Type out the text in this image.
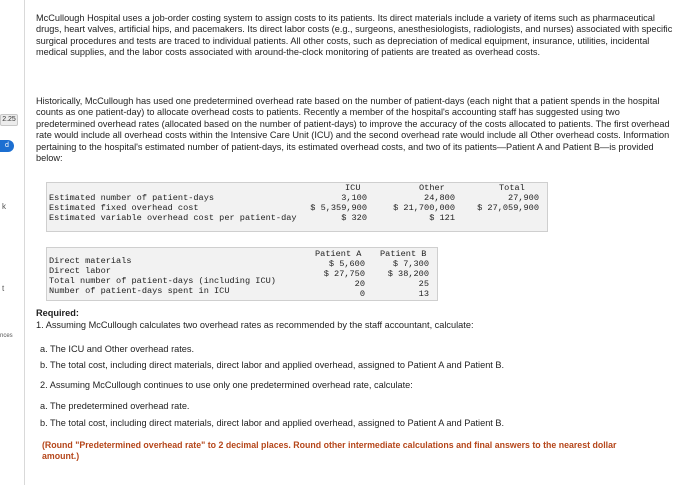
2.25
d
k
t
nces

McCullough Hospital uses a job-order costing system to assign costs to its patients. Its direct materials include a variety of items such as pharmaceutical drugs, heart valves, artificial hips, and pacemakers. Its direct labor costs (e.g., surgeons, anesthesiologists, radiologists, and nurses) associated with specific surgical procedures and tests are traced to individual patients. All other costs, such as depreciation of medical equipment, insurance, utilities, incidental medical supplies, and the labor costs associated with around-the-clock monitoring of patients are treated as overhead costs.

Historically, McCullough has used one predetermined overhead rate based on the number of patient-days (each night that a patient spends in the hospital counts as one patient-day) to allocate overhead costs to patients. Recently a member of the hospital's accounting staff has suggested using two predetermined overhead rates (allocated based on the number of patient-days) to improve the accuracy of the costs allocated to patients. The first overhead rate would include all overhead costs within the Intensive Care Unit (ICU) and the second overhead rate would include all Other overhead costs. Information pertaining to the hospital's estimated number of patient-days, its estimated overhead costs, and two of its patients—Patient A and Patient B—is provided below:

Estimated number of patient-days
Estimated fixed overhead cost
Estimated variable overhead cost per patient-day
ICU	Other	Total
3,100
$ 5,359,900
$ 320
24,800
$ 21,700,000
$ 121
27,900
$ 27,059,900
Direct materials
Direct labor
Total number of patient-days (including ICU)
Number of patient-days spent in ICU
Patient A Patient B
$ 5,600
$ 27,750
20
0
$ 7,300
$ 38,200
25
13
Required:
1. Assuming McCullough calculates two overhead rates as recommended by the staff accountant, calculate:
a. The ICU and Other overhead rates.
b. The total cost, including direct materials, direct labor and applied overhead, assigned to Patient A and Patient B.
2. Assuming McCullough continues to use only one predetermined overhead rate, calculate:
a. The predetermined overhead rate.
b. The total cost, including direct materials, direct labor and applied overhead, assigned to Patient A and Patient B.
(Round "Predetermined overhead rate" to 2 decimal places. Round other intermediate calculations and final answers to the nearest dollar amount.)
